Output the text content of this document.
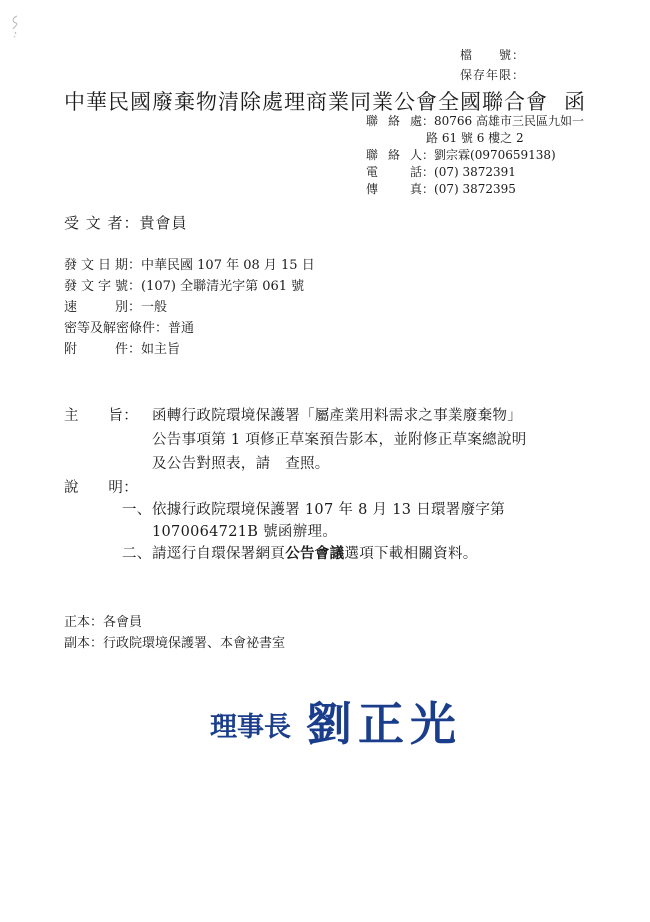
檔　　號：
保存年限：
中華民國廢棄物清除處理商業同業公會全國聯合會 函
聯絡處：80766 高雄市三民區九如一
路 61 號 6 樓之 2
聯絡人：劉宗霖(0970659138)
電話：(07) 3872391
傳真：(07) 3872395
受 文 者：貴會員
發文日期：中華民國 107 年 08 月 15 日
發文字號：(107) 全聯清光字第 061 號
速別：一般
密等及解密條件：普通
附件：如主旨
主　　旨： 函轉行政院環境保護署「屬產業用料需求之事業廢棄物」
公告事項第 1 項修正草案預告影本，並附修正草案總說明
及公告對照表，請　查照。
說　　明：
一、 依據行政院環境保護署 107 年 8 月 13 日環署廢字第
1070064721B 號函辦理。
二、 請逕行自環保署網頁公告會議選項下載相關資料。
正本：各會員
副本：行政院環境保護署、本會祕書室
理事長 劉正光
